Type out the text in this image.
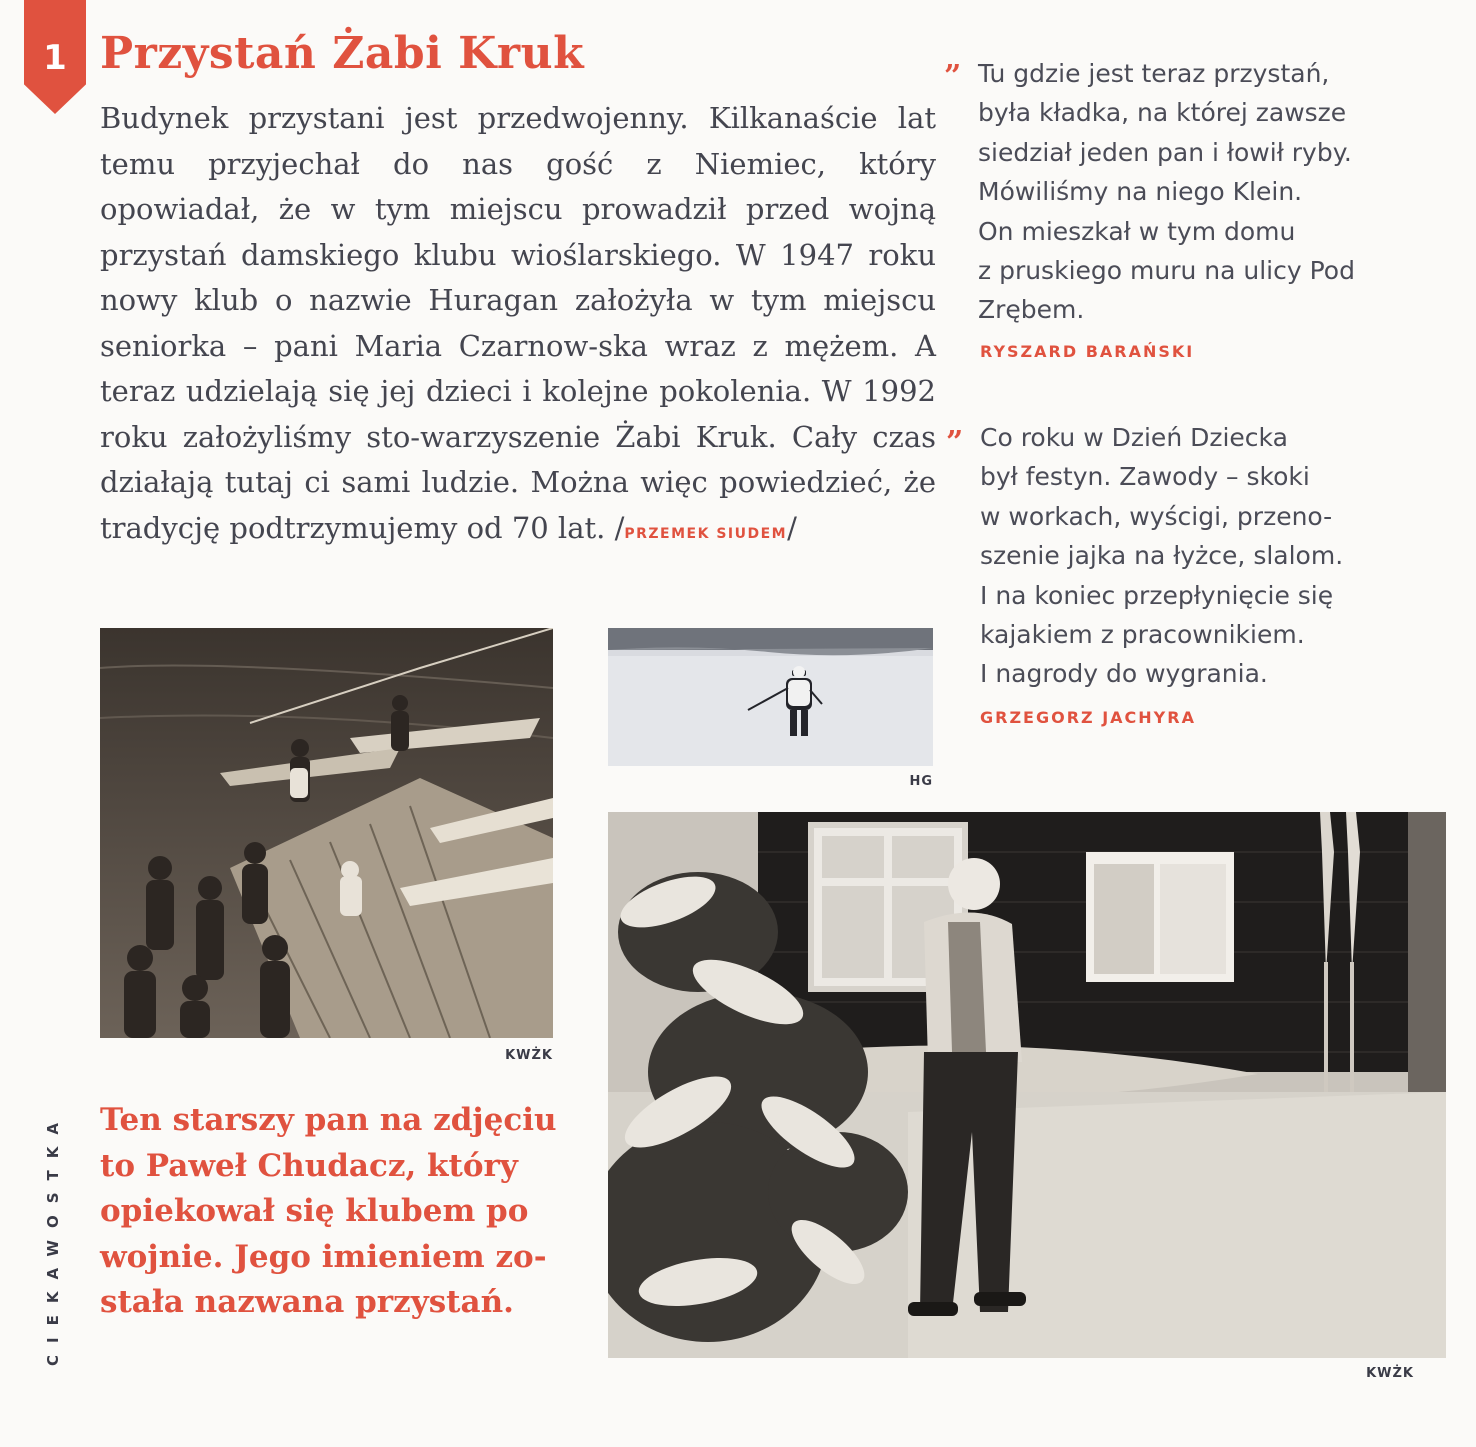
1 Przystań Żabi Kruk

Budynek przystani jest przedwojenny. Kilkanaście lat temu przyjechał do nas gość z Niemiec, który opowiadał, że w tym miejscu prowadził przed wojną przystań damskiego klubu wioślarskiego. W 1947 roku nowy klub o nazwie Huragan założyła w tym miejscu seniorka – pani Maria Czarnow-ska wraz z mężem. A teraz udzielają się jej dzieci i kolejne pokolenia. W 1992 roku założyliśmy sto-warzyszenie Żabi Kruk. Cały czas działają tutaj ci sami ludzie. Można więc powiedzieć, że tradycję podtrzymujemy od 70 lat. /PRZEMEK SIUDEM/

” Tu gdzie jest teraz przystań,
była kładka, na której zawsze
siedział jeden pan i łowił ryby.
Mówiliśmy na niego Klein.
On mieszkał w tym domu
z pruskiego muru na ulicy Pod
Zrębem.

RYSZARD BARAŃSKI
” Co roku w Dzień Dziecka
był festyn. Zawody – skoki
w workach, wyścigi, przeno-
szenie jajka na łyżce, slalom.
I na koniec przepłynięcie się
kajakiem z pracownikiem.
I nagrody do wygrania.

GRZEGORZ JACHYRA
KWŻK
HG
KWŻK
CIEKAWOSTKA Ten starszy pan na zdjęciu
to Paweł Chudacz, który
opiekował się klubem po
wojnie. Jego imieniem zo-
stała nazwana przystań.
